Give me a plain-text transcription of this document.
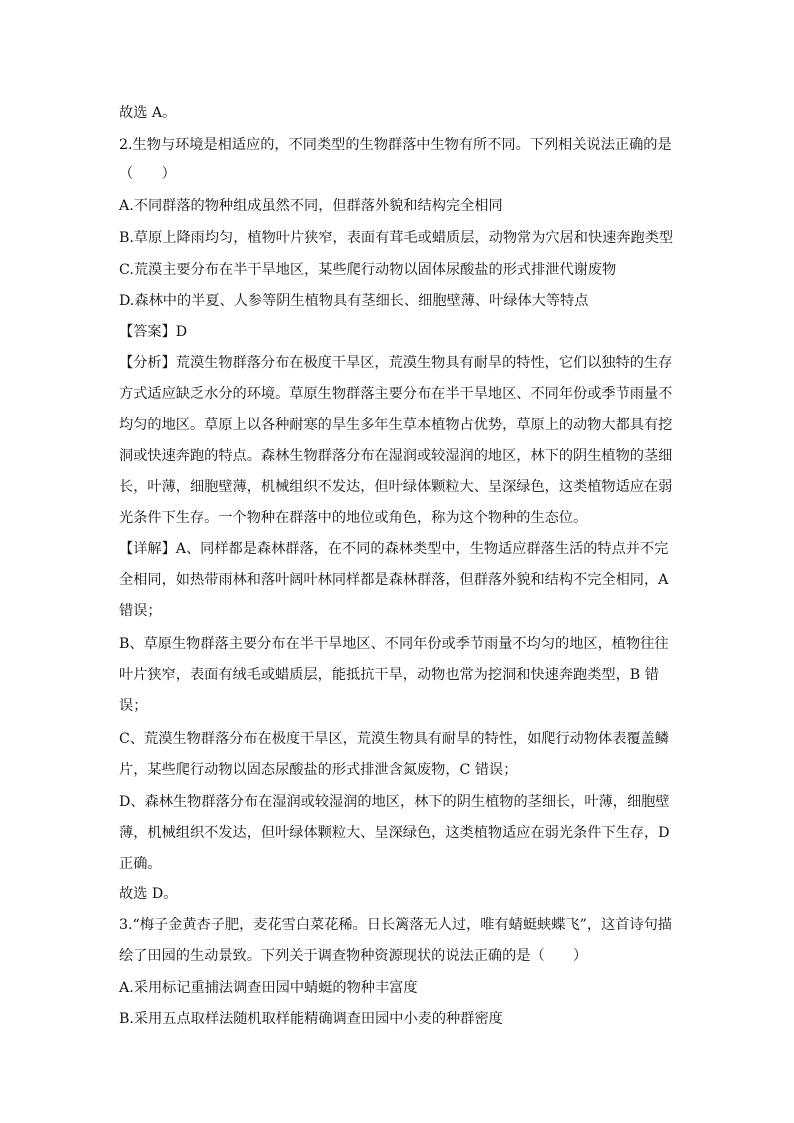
故选 A。
2.生物与环境是相适应的，不同类型的生物群落中生物有所不同。下列相关说法正确的是
（　　）
A.不同群落的物种组成虽然不同，但群落外貌和结构完全相同
B.草原上降雨均匀，植物叶片狭窄，表面有茸毛或蜡质层，动物常为穴居和快速奔跑类型
C.荒漠主要分布在半干旱地区，某些爬行动物以固体尿酸盐的形式排泄代谢废物
D.森林中的半夏、人参等阴生植物具有茎细长、细胞壁薄、叶绿体大等特点
【答案】D
【分析】荒漠生物群落分布在极度干旱区，荒漠生物具有耐旱的特性，它们以独特的生存
方式适应缺乏水分的环境。草原生物群落主要分布在半干旱地区、不同年份或季节雨量不
均匀的地区。草原上以各种耐寒的旱生多年生草本植物占优势，草原上的动物大都具有挖
洞或快速奔跑的特点。森林生物群落分布在湿润或较湿润的地区，林下的阴生植物的茎细
长，叶薄，细胞壁薄，机械组织不发达，但叶绿体颗粒大、呈深绿色，这类植物适应在弱
光条件下生存。一个物种在群落中的地位或角色，称为这个物种的生态位。
【详解】A、同样都是森林群落，在不同的森林类型中，生物适应群落生活的特点并不完
全相同，如热带雨林和落叶阔叶林同样都是森林群落，但群落外貌和结构不完全相同，A
错误；
B、草原生物群落主要分布在半干旱地区、不同年份或季节雨量不均匀的地区，植物往往
叶片狭窄，表面有绒毛或蜡质层，能抵抗干旱，动物也常为挖洞和快速奔跑类型，B 错
误；
C、荒漠生物群落分布在极度干旱区，荒漠生物具有耐旱的特性，如爬行动物体表覆盖鳞
片，某些爬行动物以固态尿酸盐的形式排泄含氮废物，C 错误；
D、森林生物群落分布在湿润或较湿润的地区，林下的阴生植物的茎细长，叶薄，细胞壁
薄，机械组织不发达，但叶绿体颗粒大、呈深绿色，这类植物适应在弱光条件下生存，D
正确。
故选 D。
3.“梅子金黄杏子肥，麦花雪白菜花稀。日长篱落无人过，唯有蜻蜓蛱蝶飞”，这首诗句描
绘了田园的生动景致。下列关于调查物种资源现状的说法正确的是（　　）
A.采用标记重捕法调查田园中蜻蜓的物种丰富度
B.采用五点取样法随机取样能精确调查田园中小麦的种群密度
